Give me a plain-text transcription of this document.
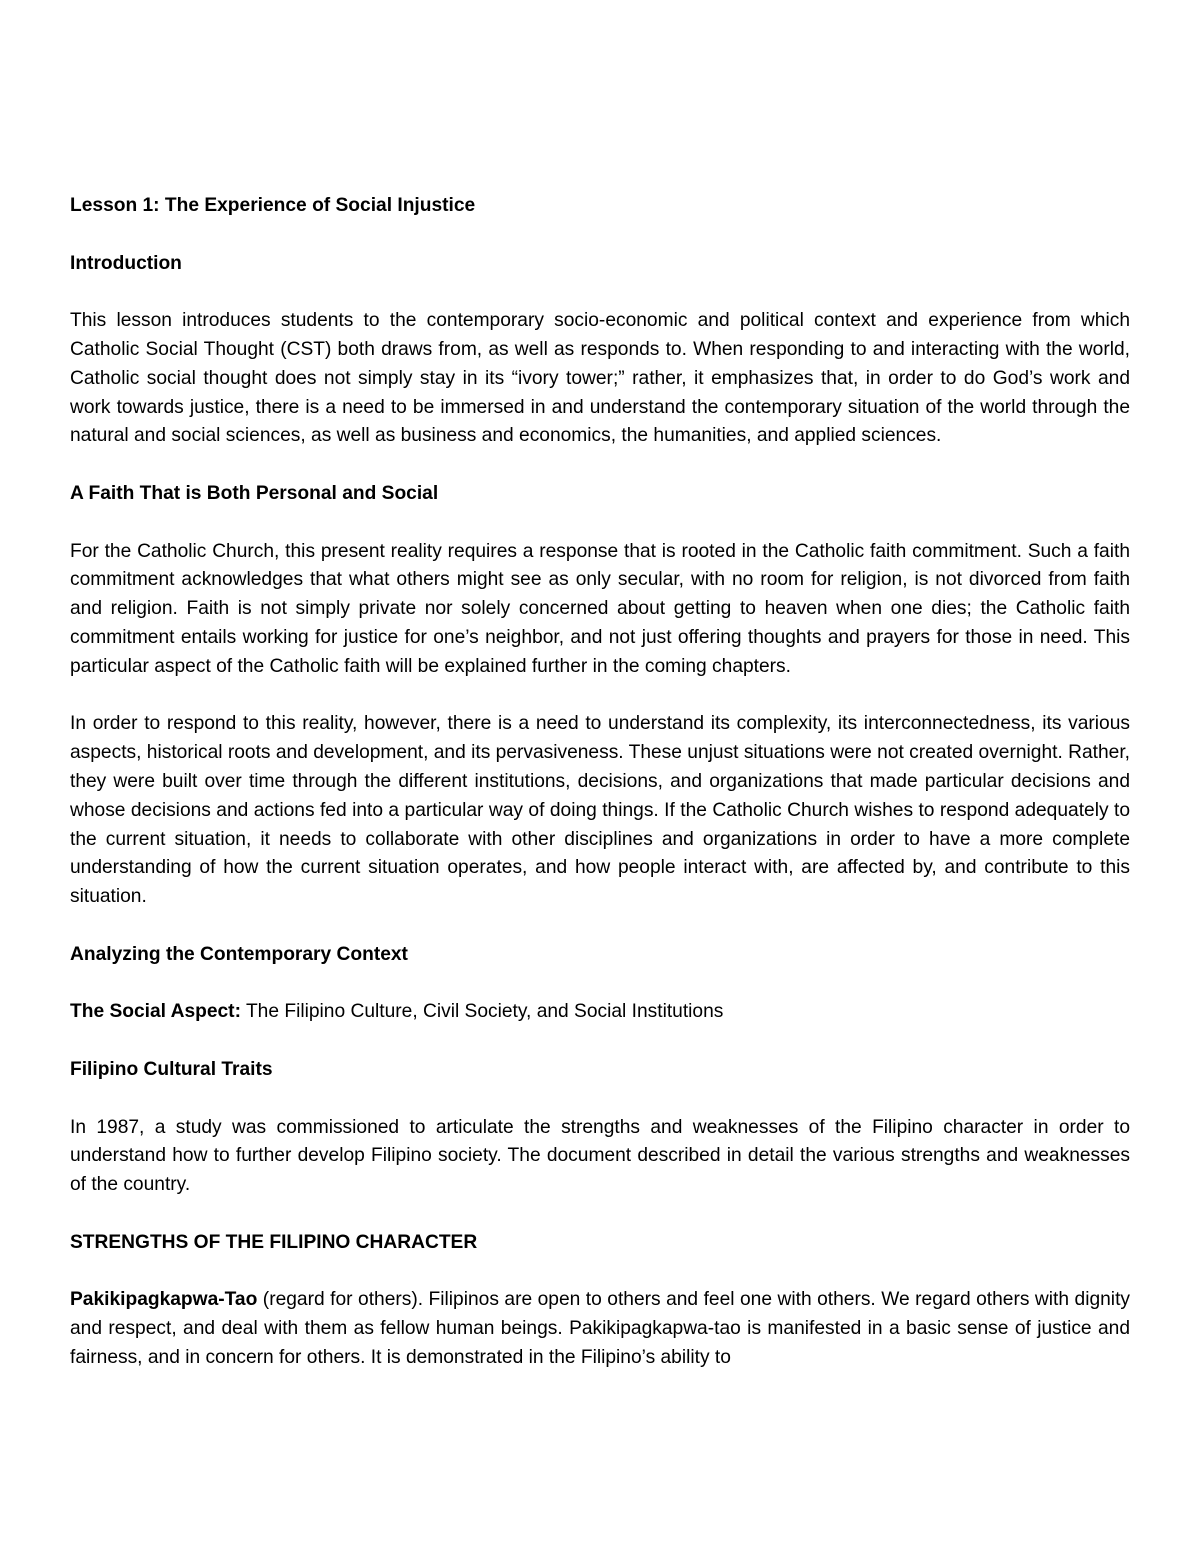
Lesson 1: The Experience of Social Injustice
Introduction

This lesson introduces students to the contemporary socio-economic and political context and experience from which Catholic Social Thought (CST) both draws from, as well as responds to. When responding to and interacting with the world, Catholic social thought does not simply stay in its “ivory tower;” rather, it emphasizes that, in order to do God’s work and work towards justice, there is a need to be immersed in and understand the contemporary situation of the world through the natural and social sciences, as well as business and economics, the humanities, and applied sciences.

A Faith That is Both Personal and Social

For the Catholic Church, this present reality requires a response that is rooted in the Catholic faith commitment. Such a faith commitment acknowledges that what others might see as only secular, with no room for religion, is not divorced from faith and religion. Faith is not simply private nor solely concerned about getting to heaven when one dies; the Catholic faith commitment entails working for justice for one’s neighbor, and not just offering thoughts and prayers for those in need. This particular aspect of the Catholic faith will be explained further in the coming chapters.

In order to respond to this reality, however, there is a need to understand its complexity, its interconnectedness, its various aspects, historical roots and development, and its pervasiveness. These unjust situations were not created overnight. Rather, they were built over time through the different institutions, decisions, and organizations that made particular decisions and whose decisions and actions fed into a particular way of doing things. If the Catholic Church wishes to respond adequately to the current situation, it needs to collaborate with other disciplines and organizations in order to have a more complete understanding of how the current situation operates, and how people interact with, are affected by, and contribute to this situation.

Analyzing the Contemporary Context

The Social Aspect: The Filipino Culture, Civil Society, and Social Institutions

Filipino Cultural Traits

In 1987, a study was commissioned to articulate the strengths and weaknesses of the Filipino character in order to understand how to further develop Filipino society. The document described in detail the various strengths and weaknesses of the country.

STRENGTHS OF THE FILIPINO CHARACTER

Pakikipagkapwa-Tao (regard for others). Filipinos are open to others and feel one with others. We regard others with dignity and respect, and deal with them as fellow human beings. Pakikipagkapwa-tao is manifested in a basic sense of justice and fairness, and in concern for others. It is demonstrated in the Filipino’s ability to
